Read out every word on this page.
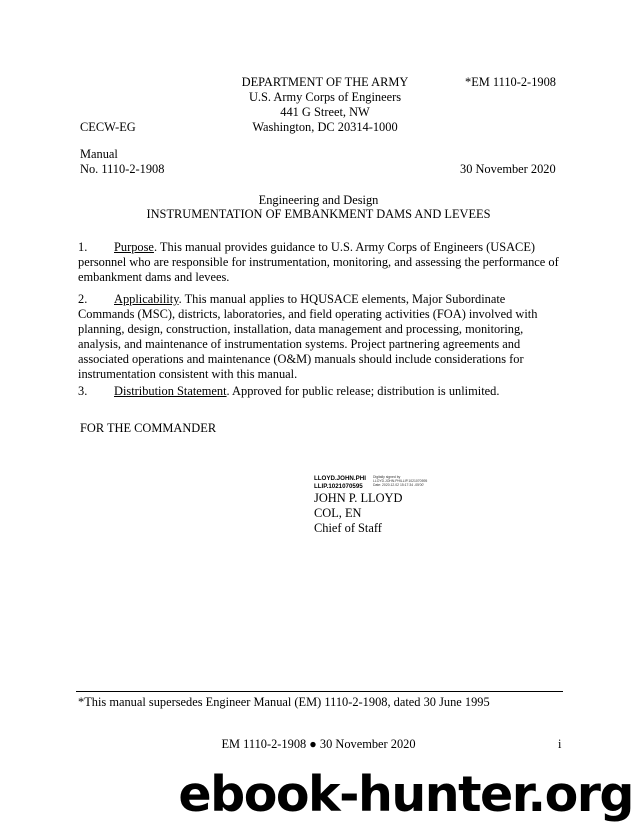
DEPARTMENT OF THE ARMY
U.S. Army Corps of Engineers
441 G Street, NW
Washington, DC 20314-1000
*EM 1110-2-1908
CECW-EG
Manual
No. 1110-2-1908	30 November 2020
Engineering and Design
INSTRUMENTATION OF EMBANKMENT DAMS AND LEVEES
1. Purpose. This manual provides guidance to U.S. Army Corps of Engineers (USACE) personnel who are responsible for instrumentation, monitoring, and assessing the performance of embankment dams and levees.
2. Applicability. This manual applies to HQUSACE elements, Major Subordinate Commands (MSC), districts, laboratories, and field operating activities (FOA) involved with planning, design, construction, installation, data management and processing, monitoring, analysis, and maintenance of instrumentation systems. Project partnering agreements and associated operations and maintenance (O&M) manuals should include considerations for instrumentation consistent with this manual.
3. Distribution Statement. Approved for public release; distribution is unlimited.
FOR THE COMMANDER
LLOYD.JOHN.PHI
LLIP.1021070595
Digitally signed by
LLOYD.JOHN.PHILLIP.1021070595
Date: 2020.12.02 15:17:34 -05'00'
JOHN P. LLOYD
COL, EN
Chief of Staff
*This manual supersedes Engineer Manual (EM) 1110-2-1908, dated 30 June 1995
EM 1110-2-1908 ● 30 November 2020	i
ebook-hunter.org
